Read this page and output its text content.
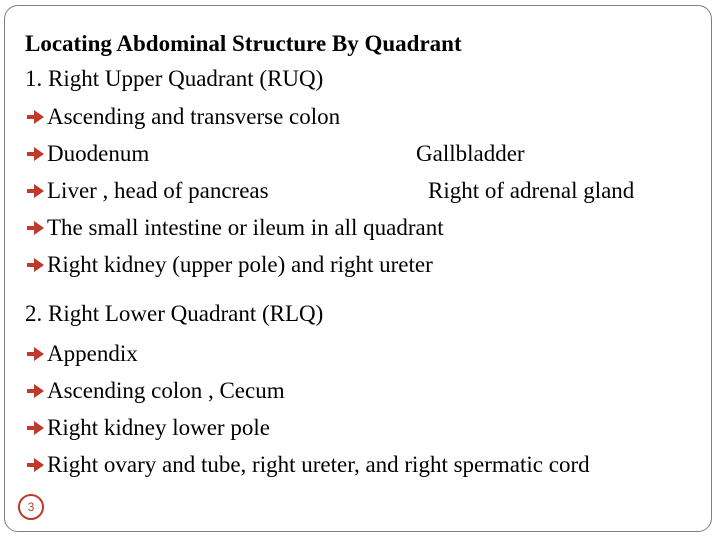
Locating Abdominal Structure By Quadrant
1. Right Upper Quadrant (RUQ)
Ascending and transverse colon
Duodenum	Gallbladder
Liver , head of pancreas	Right of adrenal gland
The small intestine or ileum in all quadrant
Right kidney (upper pole) and right ureter
2. Right Lower Quadrant (RLQ)
Appendix
Ascending colon , Cecum
Right kidney lower pole
Right ovary and tube, right ureter, and right spermatic cord
3
